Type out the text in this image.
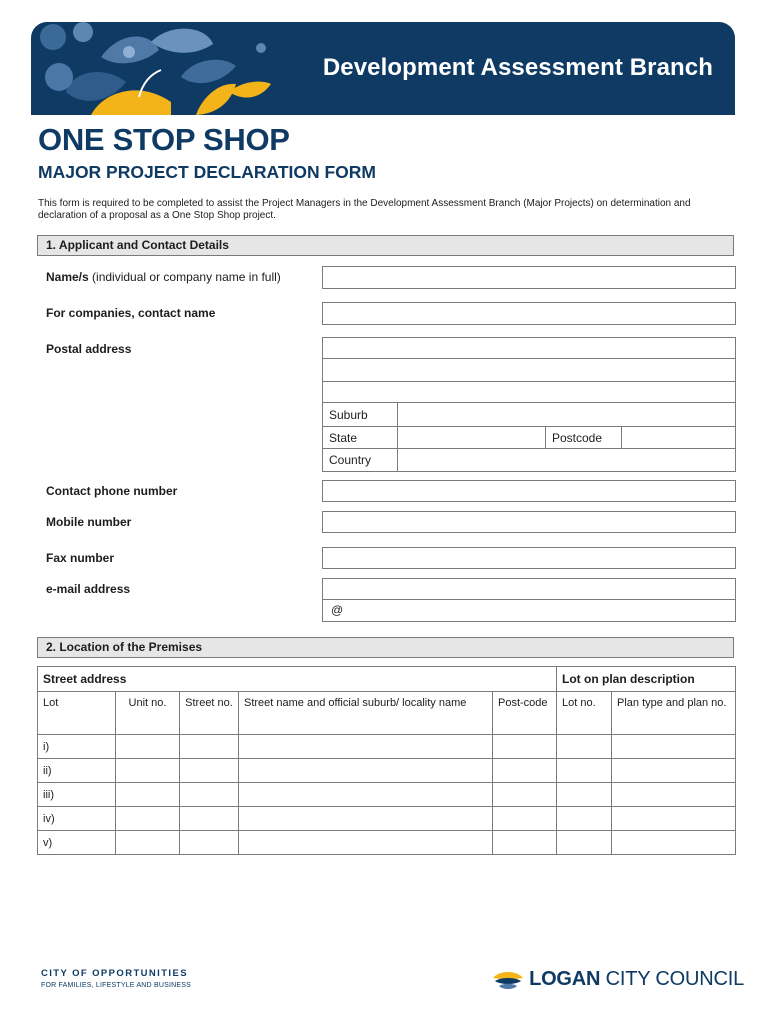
Development Assessment Branch
ONE STOP SHOP
MAJOR PROJECT DECLARATION FORM

This form is required to be completed to assist the Project Managers in the Development Assessment Branch (Major Projects) on determination and declaration of a proposal as a One Stop Shop project.

1. Applicant and Contact Details
Name/s (individual or company name in full)
For companies, contact name
Postal address

Suburb			
State		Postcode	
Country			
Contact phone number
Mobile number
Fax number
e-mail address
@
2. Location of the Premises
Street address					Lot on plan description	
Lot	Unit no.	Street no.	Street name and official suburb/ locality name	Post-code	Lot no.	Plan type and plan no.
i)						
ii)						
iii)						
iv)						
v)						
CITY OF OPPORTUNITIES
FOR FAMILIES, LIFESTYLE AND BUSINESS	LOGAN CITY COUNCIL
